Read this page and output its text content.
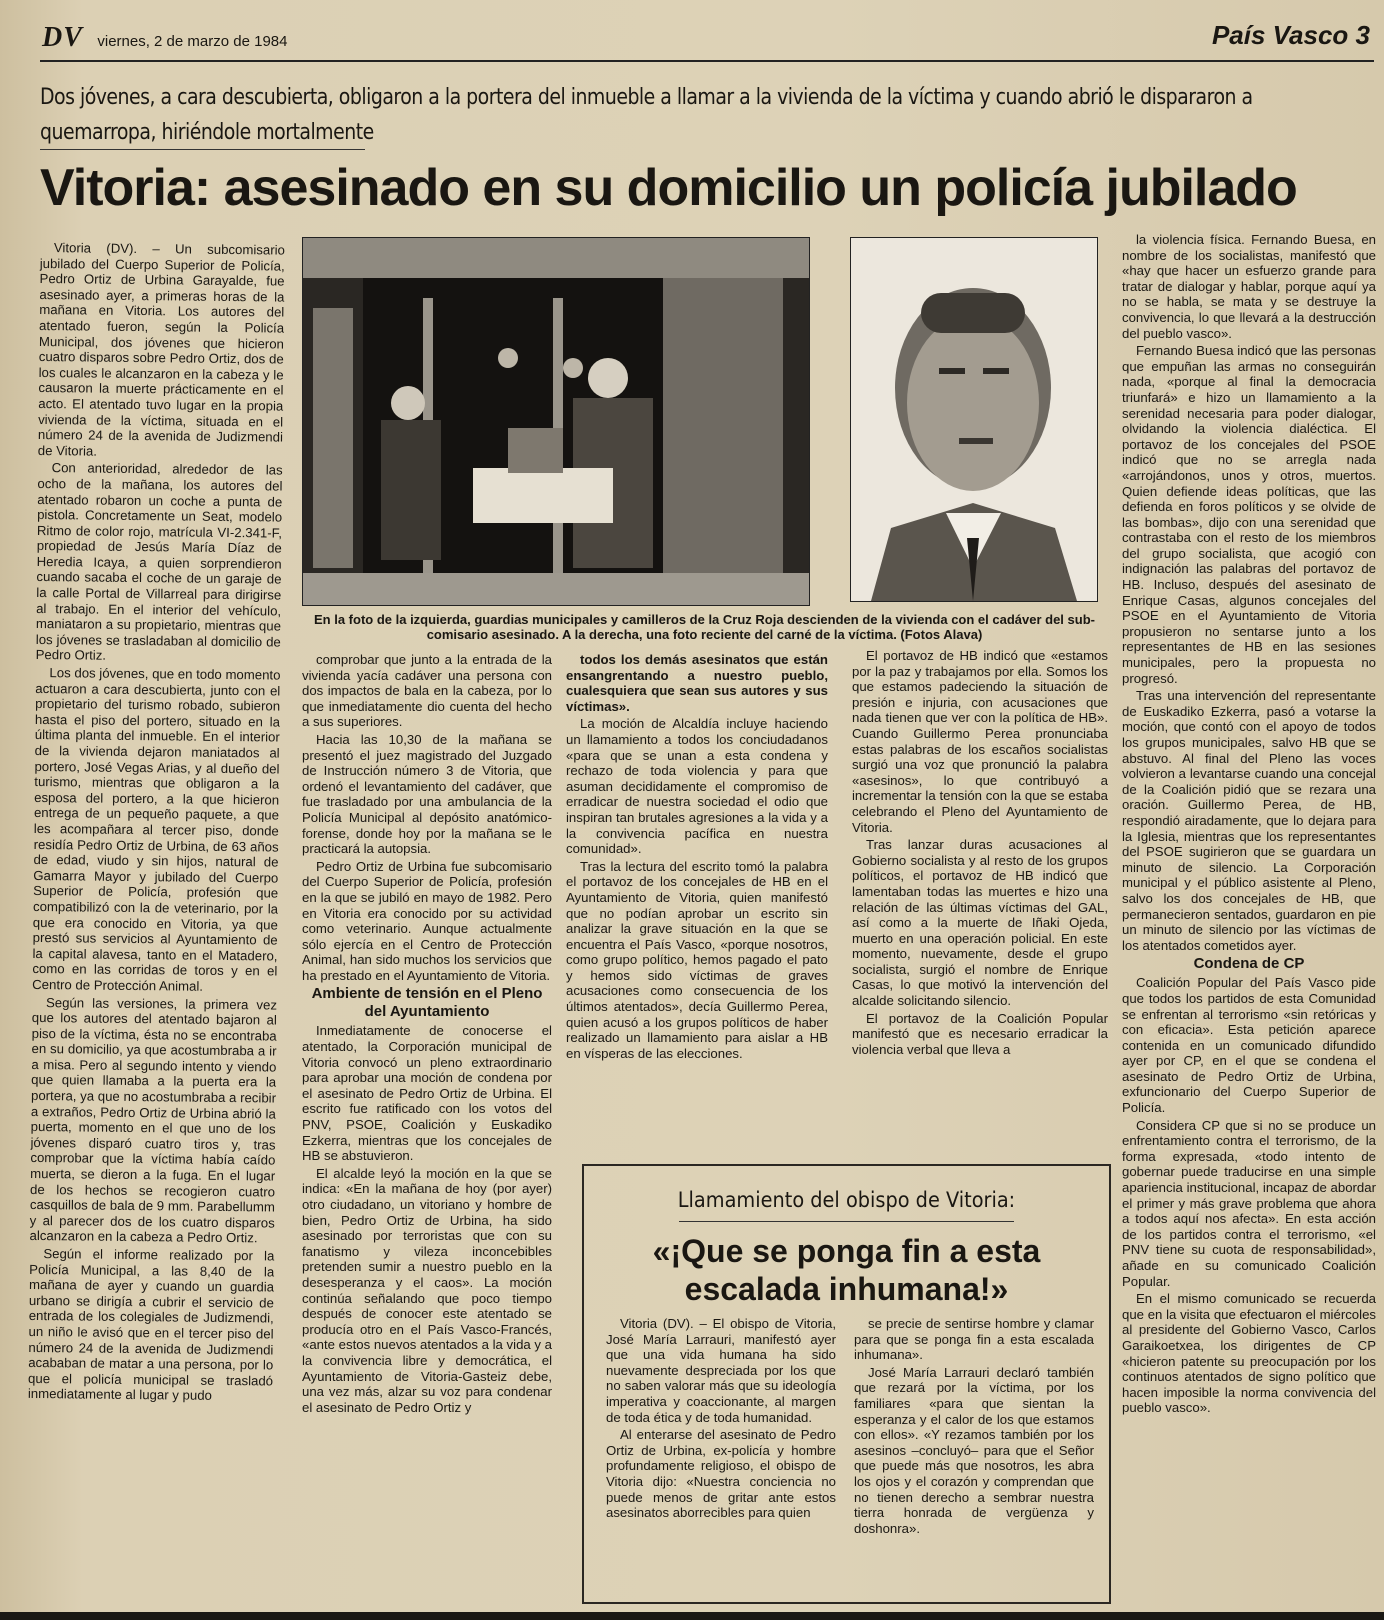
DV viernes, 2 de marzo de 1984	País Vasco 3
Dos jóvenes, a cara descubierta, obligaron a la portera del inmueble a llamar a la vivienda de la víctima y cuando abrió le dispararon a quemarropa, hiriéndole mortalmente
Vitoria: asesinado en su domicilio un policía jubilado

Vitoria (DV). – Un subcomisario jubilado del Cuerpo Superior de Policía, Pedro Ortiz de Urbina Garayalde, fue asesinado ayer, a primeras horas de la mañana en Vitoria. Los autores del atentado fueron, según la Policía Municipal, dos jóvenes que hicieron cuatro disparos sobre Pedro Ortiz, dos de los cuales le alcanzaron en la cabeza y le causaron la muerte prácticamente en el acto. El atentado tuvo lugar en la propia vivienda de la víctima, situada en el número 24 de la avenida de Judizmendi de Vitoria.

Con anterioridad, alrededor de las ocho de la mañana, los autores del atentado robaron un coche a punta de pistola. Concretamente un Seat, modelo Ritmo de color rojo, matrícula VI-2.341-F, propiedad de Jesús María Díaz de Heredia Icaya, a quien sorprendieron cuando sacaba el coche de un garaje de la calle Portal de Villarreal para dirigirse al trabajo. En el interior del vehículo, maniataron a su propietario, mientras que los jóvenes se trasladaban al domicilio de Pedro Ortiz.

Los dos jóvenes, que en todo momento actuaron a cara descubierta, junto con el propietario del turismo robado, subieron hasta el piso del portero, situado en la última planta del inmueble. En el interior de la vivienda dejaron maniatados al portero, José Vegas Arias, y al dueño del turismo, mientras que obligaron a la esposa del portero, a la que hicieron entrega de un pequeño paquete, a que les acompañara al tercer piso, donde residía Pedro Ortiz de Urbina, de 63 años de edad, viudo y sin hijos, natural de Gamarra Mayor y jubilado del Cuerpo Superior de Policía, profesión que compatibilizó con la de veterinario, por la que era conocido en Vitoria, ya que prestó sus servicios al Ayuntamiento de la capital alavesa, tanto en el Matadero, como en las corridas de toros y en el Centro de Protección Animal.

Según las versiones, la primera vez que los autores del atentado bajaron al piso de la víctima, ésta no se encontraba en su domicilio, ya que acostumbraba a ir a misa. Pero al segundo intento y viendo que quien llamaba a la puerta era la portera, ya que no acostumbraba a recibir a extraños, Pedro Ortiz de Urbina abrió la puerta, momento en el que uno de los jóvenes disparó cuatro tiros y, tras comprobar que la víctima había caído muerta, se dieron a la fuga. En el lugar de los hechos se recogieron cuatro casquillos de bala de 9 mm. Parabellumm y al parecer dos de los cuatro disparos alcanzaron en la cabeza a Pedro Ortiz.

Según el informe realizado por la Policía Municipal, a las 8,40 de la mañana de ayer y cuando un guardia urbano se dirigía a cubrir el servicio de entrada de los colegiales de Judizmendi, un niño le avisó que en el tercer piso del número 24 de la avenida de Judizmendi acababan de matar a una persona, por lo que el policía municipal se trasladó inmediatamente al lugar y pudo

En la foto de la izquierda, guardias municipales y camilleros de la Cruz Roja descienden de la vivienda con el cadáver del sub-comisario asesinado. A la derecha, una foto reciente del carné de la víctima. (Fotos Alava)

comprobar que junto a la entrada de la vivienda yacía cadáver una persona con dos impactos de bala en la cabeza, por lo que inmediatamente dio cuenta del hecho a sus superiores.

Hacia las 10,30 de la mañana se presentó el juez magistrado del Juzgado de Instrucción número 3 de Vitoria, que ordenó el levantamiento del cadáver, que fue trasladado por una ambulancia de la Policía Municipal al depósito anatómico-forense, donde hoy por la mañana se le practicará la autopsia.

Pedro Ortiz de Urbina fue subcomisario del Cuerpo Superior de Policía, profesión en la que se jubiló en mayo de 1982. Pero en Vitoria era conocido por su actividad como veterinario. Aunque actualmente sólo ejercía en el Centro de Protección Animal, han sido muchos los servicios que ha prestado en el Ayuntamiento de Vitoria.

Ambiente de tensión en el Pleno del Ayuntamiento

Inmediatamente de conocerse el atentado, la Corporación municipal de Vitoria convocó un pleno extraordinario para aprobar una moción de condena por el asesinato de Pedro Ortiz de Urbina. El escrito fue ratificado con los votos del PNV, PSOE, Coalición y Euskadiko Ezkerra, mientras que los concejales de HB se abstuvieron.

El alcalde leyó la moción en la que se indica: «En la mañana de hoy (por ayer) otro ciudadano, un vitoriano y hombre de bien, Pedro Ortiz de Urbina, ha sido asesinado por terroristas que con su fanatismo y vileza inconcebibles pretenden sumir a nuestro pueblo en la desesperanza y el caos». La moción continúa señalando que poco tiempo después de conocer este atentado se producía otro en el País Vasco-Francés, «ante estos nuevos atentados a la vida y a la convivencia libre y democrática, el Ayuntamiento de Vitoria-Gasteiz debe, una vez más, alzar su voz para condenar el asesinato de Pedro Ortiz y

todos los demás asesinatos que están ensangrentando a nuestro pueblo, cualesquiera que sean sus autores y sus víctimas».

La moción de Alcaldía incluye haciendo un llamamiento a todos los conciudadanos «para que se unan a esta condena y rechazo de toda violencia y para que asuman decididamente el compromiso de erradicar de nuestra sociedad el odio que inspiran tan brutales agresiones a la vida y a la convivencia pacífica en nuestra comunidad».

Tras la lectura del escrito tomó la palabra el portavoz de los concejales de HB en el Ayuntamiento de Vitoria, quien manifestó que no podían aprobar un escrito sin analizar la grave situación en la que se encuentra el País Vasco, «porque nosotros, como grupo político, hemos pagado el pato y hemos sido víctimas de graves acusaciones como consecuencia de los últimos atentados», decía Guillermo Perea, quien acusó a los grupos políticos de haber realizado un llamamiento para aislar a HB en vísperas de las elecciones.

El portavoz de HB indicó que «estamos por la paz y trabajamos por ella. Somos los que estamos padeciendo la situación de presión e injuria, con acusaciones que nada tienen que ver con la política de HB». Cuando Guillermo Perea pronunciaba estas palabras de los escaños socialistas surgió una voz que pronunció la palabra «asesinos», lo que contribuyó a incrementar la tensión con la que se estaba celebrando el Pleno del Ayuntamiento de Vitoria.

Tras lanzar duras acusaciones al Gobierno socialista y al resto de los grupos políticos, el portavoz de HB indicó que lamentaban todas las muertes e hizo una relación de las últimas víctimas del GAL, así como a la muerte de Iñaki Ojeda, muerto en una operación policial. En este momento, nuevamente, desde el grupo socialista, surgió el nombre de Enrique Casas, lo que motivó la intervención del alcalde solicitando silencio.

El portavoz de la Coalición Popular manifestó que es necesario erradicar la violencia verbal que lleva a

la violencia física. Fernando Buesa, en nombre de los socialistas, manifestó que «hay que hacer un esfuerzo grande para tratar de dialogar y hablar, porque aquí ya no se habla, se mata y se destruye la convivencia, lo que llevará a la destrucción del pueblo vasco».

Fernando Buesa indicó que las personas que empuñan las armas no conseguirán nada, «porque al final la democracia triunfará» e hizo un llamamiento a la serenidad necesaria para poder dialogar, olvidando la violencia dialéctica. El portavoz de los concejales del PSOE indicó que no se arregla nada «arrojándonos, unos y otros, muertos. Quien defiende ideas políticas, que las defienda en foros políticos y se olvide de las bombas», dijo con una serenidad que contrastaba con el resto de los miembros del grupo socialista, que acogió con indignación las palabras del portavoz de HB. Incluso, después del asesinato de Enrique Casas, algunos concejales del PSOE en el Ayuntamiento de Vitoria propusieron no sentarse junto a los representantes de HB en las sesiones municipales, pero la propuesta no progresó.

Tras una intervención del representante de Euskadiko Ezkerra, pasó a votarse la moción, que contó con el apoyo de todos los grupos municipales, salvo HB que se abstuvo. Al final del Pleno las voces volvieron a levantarse cuando una concejal de la Coalición pidió que se rezara una oración. Guillermo Perea, de HB, respondió airadamente, que lo dejara para la Iglesia, mientras que los representantes del PSOE sugirieron que se guardara un minuto de silencio. La Corporación municipal y el público asistente al Pleno, salvo los dos concejales de HB, que permanecieron sentados, guardaron en pie un minuto de silencio por las víctimas de los atentados cometidos ayer.

Condena de CP

Coalición Popular del País Vasco pide que todos los partidos de esta Comunidad se enfrentan al terrorismo «sin retóricas y con eficacia». Esta petición aparece contenida en un comunicado difundido ayer por CP, en el que se condena el asesinato de Pedro Ortiz de Urbina, exfuncionario del Cuerpo Superior de Policía.

Considera CP que si no se produce un enfrentamiento contra el terrorismo, de la forma expresada, «todo intento de gobernar puede traducirse en una simple apariencia institucional, incapaz de abordar el primer y más grave problema que ahora a todos aquí nos afecta». En esta acción de los partidos contra el terrorismo, «el PNV tiene su cuota de responsabilidad», añade en su comunicado Coalición Popular.

En el mismo comunicado se recuerda que en la visita que efectuaron el miércoles al presidente del Gobierno Vasco, Carlos Garaikoetxea, los dirigentes de CP «hicieron patente su preocupación por los continuos atentados de signo político que hacen imposible la norma convivencia del pueblo vasco».

Llamamiento del obispo de Vitoria:
«¡Que se ponga fin a esta escalada inhumana!»

Vitoria (DV). – El obispo de Vitoria, José María Larrauri, manifestó ayer que una vida humana ha sido nuevamente despreciada por los que no saben valorar más que su ideología imperativa y coaccionante, al margen de toda ética y de toda humanidad.

Al enterarse del asesinato de Pedro Ortiz de Urbina, ex-policía y hombre profundamente religioso, el obispo de Vitoria dijo: «Nuestra conciencia no puede menos de gritar ante estos asesinatos aborrecibles para quien

se precie de sentirse hombre y clamar para que se ponga fin a esta escalada inhumana».

José María Larrauri declaró también que rezará por la víctima, por los familiares «para que sientan la esperanza y el calor de los que estamos con ellos». «Y rezamos también por los asesinos –concluyó– para que el Señor que puede más que nosotros, les abra los ojos y el corazón y comprendan que no tienen derecho a sembrar nuestra tierra honrada de vergüenza y doshonra».
